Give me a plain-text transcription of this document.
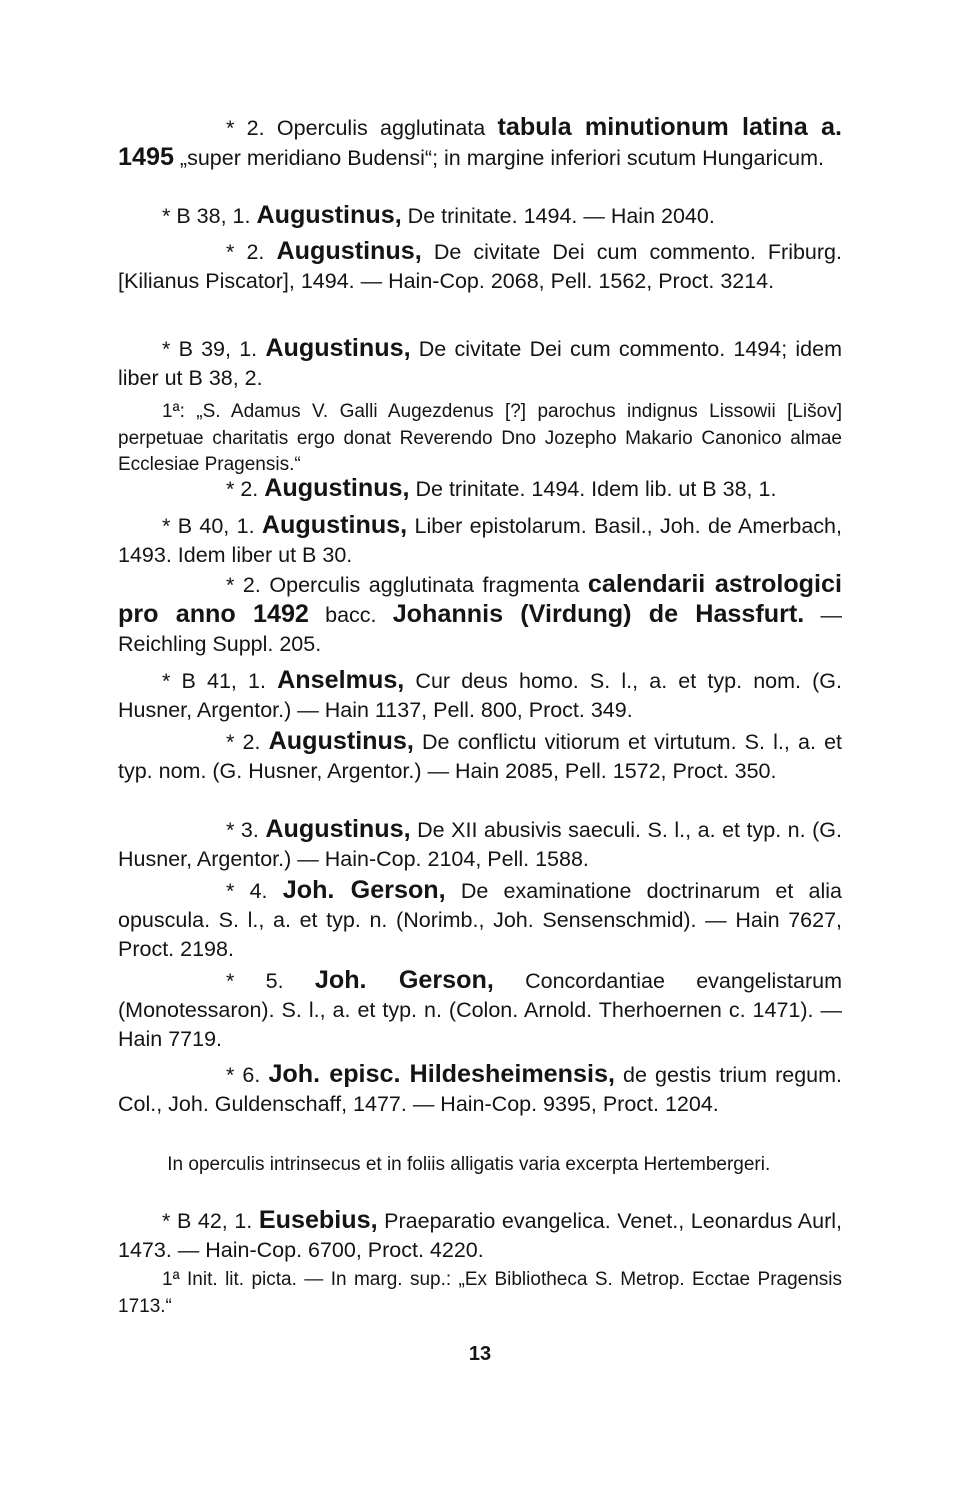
* 2. Operculis agglutinata tabula minutionum latina a. 1495 „super meridiano Budensi“; in margine inferiori scutum Hungaricum.

* B 38, 1. Augustinus, De trinitate. 1494. — Hain 2040.

* 2. Augustinus, De civitate Dei cum commento. Friburg. [Kilianus Piscator], 1494. — Hain-Cop. 2068, Pell. 1562, Proct. 3214.

* B 39, 1. Augustinus, De civitate Dei cum commento. 1494; idem liber ut B 38, 2.

1ª: „S. Adamus V. Galli Augezdenus [?] parochus indignus Lissowii [Lišov] perpetuae charitatis ergo donat Reverendo Dno Jozepho Makario Canonico almae Ecclesiae Pragensis.“

* 2. Augustinus, De trinitate. 1494. Idem lib. ut B 38, 1.

* B 40, 1. Augustinus, Liber epistolarum. Basil., Joh. de Amerbach, 1493. Idem liber ut B 30.

* 2. Operculis agglutinata fragmenta calendarii astrologici pro anno 1492 bacc. Johannis (Virdung) de Hassfurt. — Reichling Suppl. 205.

* B 41, 1. Anselmus, Cur deus homo. S. l., a. et typ. nom. (G. Husner, Argentor.) — Hain 1137, Pell. 800, Proct. 349.

* 2. Augustinus, De conflictu vitiorum et virtutum. S. l., a. et typ. nom. (G. Husner, Argentor.) — Hain 2085, Pell. 1572, Proct. 350.

* 3. Augustinus, De XII abusivis saeculi. S. l., a. et typ. n. (G. Husner, Argentor.) — Hain-Cop. 2104, Pell. 1588.

* 4. Joh. Gerson, De examinatione doctrinarum et alia opuscula. S. l., a. et typ. n. (Norimb., Joh. Sensenschmid). — Hain 7627, Proct. 2198.

* 5. Joh. Gerson, Concordantiae evangelistarum (Monotessaron). S. l., a. et typ. n. (Colon. Arnold. Therhoernen c. 1471). — Hain 7719.

* 6. Joh. episc. Hildesheimensis, de gestis trium regum. Col., Joh. Guldenschaff, 1477. — Hain-Cop. 9395, Proct. 1204.

In operculis intrinsecus et in foliis alligatis varia excerpta Hertembergeri.

* B 42, 1. Eusebius, Praeparatio evangelica. Venet., Leonardus Aurl, 1473. — Hain-Cop. 6700, Proct. 4220.

1ª Init. lit. picta. — In marg. sup.: „Ex Bibliotheca S. Metrop. Ecctae Pragensis 1713.“

13
